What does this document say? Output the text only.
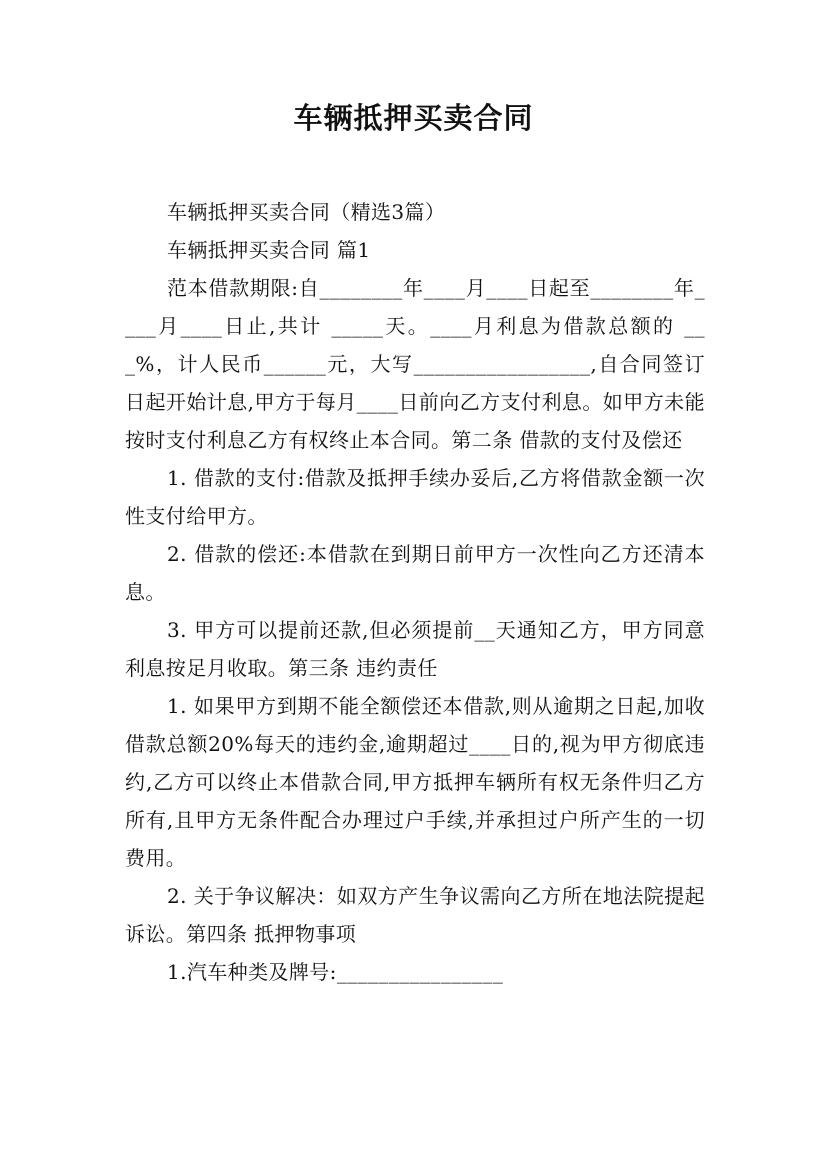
车辆抵押买卖合同

车辆抵押买卖合同（精选3篇）

车辆抵押买卖合同 篇1

范本借款期限:自________年____月____日起至________年____月____日止,共计 _____天。____月利息为借款总额的 ___%，计人民币______元，大写_________________,自合同签订日起开始计息,甲方于每月____日前向乙方支付利息。如甲方未能按时支付利息乙方有权终止本合同。第二条 借款的支付及偿还

1. 借款的支付:借款及抵押手续办妥后,乙方将借款金额一次性支付给甲方。

2. 借款的偿还:本借款在到期日前甲方一次性向乙方还清本息。

3. 甲方可以提前还款,但必须提前__天通知乙方，甲方同意利息按足月收取。第三条 违约责任

1. 如果甲方到期不能全额偿还本借款,则从逾期之日起,加收借款总额20%每天的违约金,逾期超过____日的,视为甲方彻底违约,乙方可以终止本借款合同,甲方抵押车辆所有权无条件归乙方所有,且甲方无条件配合办理过户手续,并承担过户所产生的一切费用。

2. 关于争议解决：如双方产生争议需向乙方所在地法院提起诉讼。第四条 抵押物事项

1.汽车种类及牌号:________________
